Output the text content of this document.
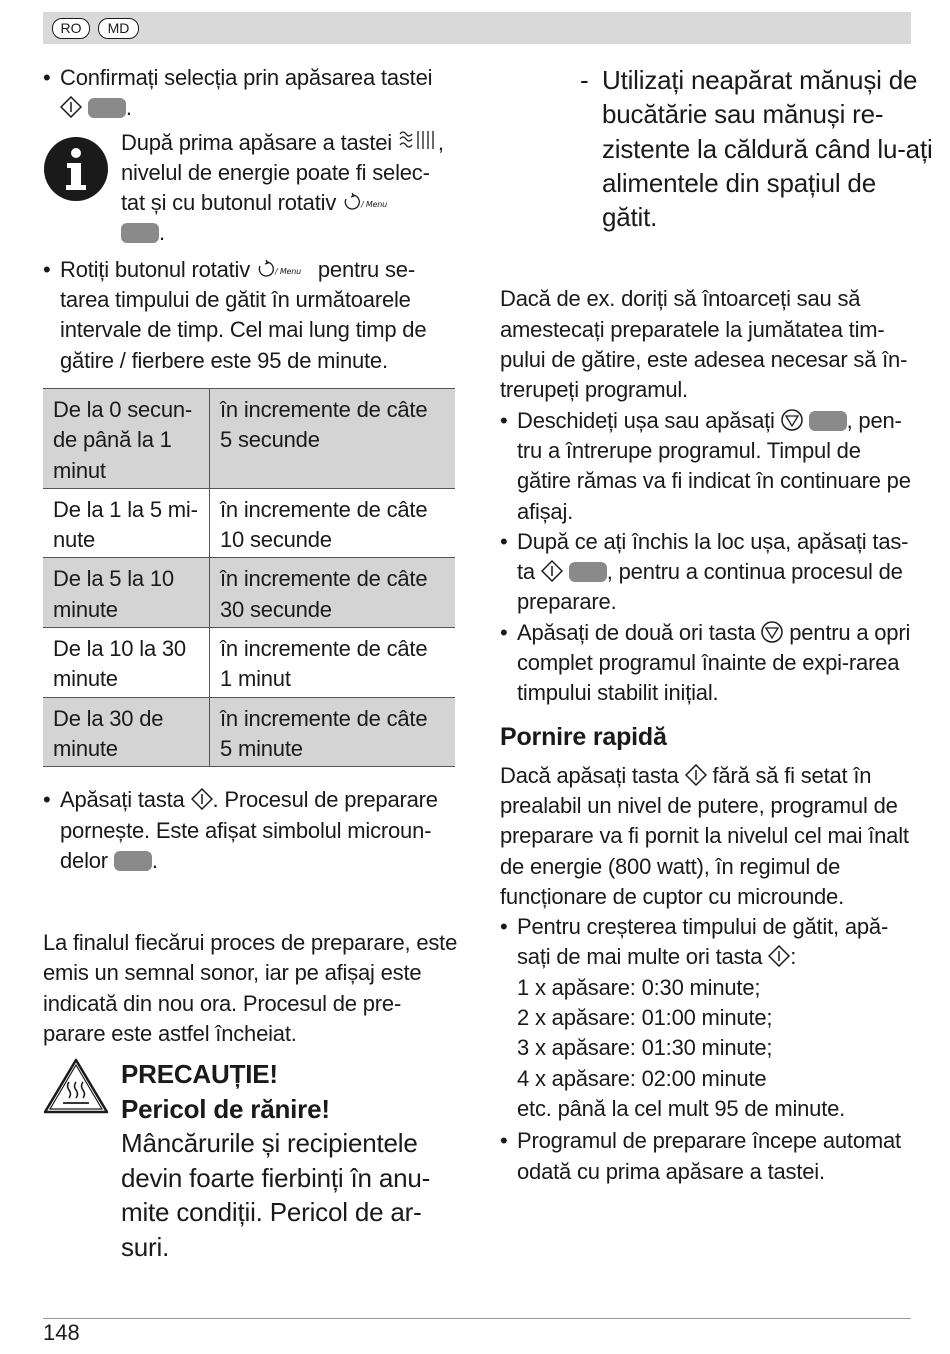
RO	MD

• Confirmați selecția prin apăsarea tastei
.

După prima apăsare a tastei ,
nivelul de energie poate fi selec-
tat și cu butonul rotativ	/ Menu

.

• Rotiți butonul rotativ	/ Menu pentru se- tarea timpului de gătit în următoarele intervale de timp. Cel mai lung timp de gătire / fierbere este 95 de minute.

De la 0 secun- de până la 1 minut	în incremente de câte 5 secunde
De la 1 la 5 mi- nute	în incremente de câte 10 secunde
De la 5 la 10 minute	în incremente de câte 30 secunde
De la 10 la 30 minute	în incremente de câte 1 minut
De la 30 de minute	în incremente de câte 5 minute

• Apăsați tasta . Procesul de preparare pornește. Este afișat simbolul microun-delor .

La finalul fiecărui proces de preparare, este emis un semnal sonor, iar pe afișaj este indicată din nou ora. Procesul de pre-parare este astfel încheiat.

PRECAUȚIE!
Pericol de rănire!
Mâncărurile și recipientele devin foarte fierbinți în anu-mite condiții. Pericol de ar-suri.
- Utilizați neapărat mănuși de bucătărie sau mănuși re-zistente la căldură când lu-ați alimentele din spațiul de gătit.

Dacă de ex. doriți să întoarceți sau să amestecați preparatele la jumătatea tim-pului de gătire, este adesea necesar să în-trerupeți programul.

• Deschideți ușa sau apăsați	, pen-tru a întrerupe programul. Timpul de gătire rămas va fi indicat în continuare pe afișaj.

• După ce ați închis la loc ușa, apăsați tas-ta	, pentru a continua procesul de preparare.

• Apăsați de două ori tasta pentru a opri complet programul înainte de expi-rarea timpului stabilit inițial.

Pornire rapidă

Dacă apăsați tasta fără să fi setat în prealabil un nivel de putere, programul de preparare va fi pornit la nivelul cel mai înalt de energie (800 watt), în regimul de funcționare de cuptor cu microunde.

• Pentru creșterea timpului de gătit, apă-sați de mai multe ori tasta :
1 x apăsare: 0:30 minute;
2 x apăsare: 01:00 minute;
3 x apăsare: 01:30 minute;
4 x apăsare: 02:00 minute
etc. până la cel mult 95 de minute.

• Programul de preparare începe automat odată cu prima apăsare a tastei.

148
